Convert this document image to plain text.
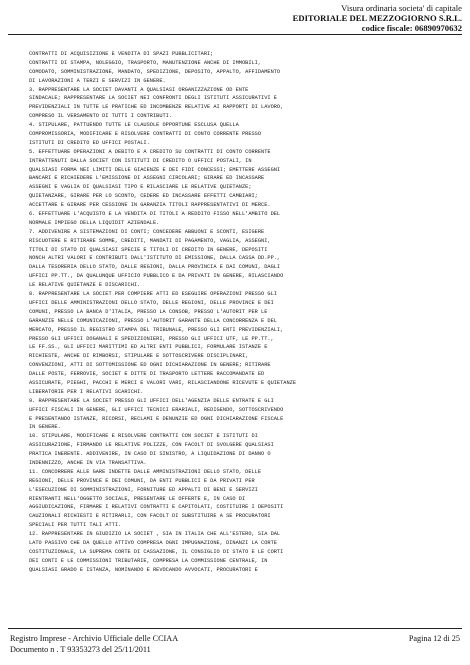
Visura ordinaria societa' di capitale
EDITORIALE DEL MEZZOGIORNO S.R.L.
codice fiscale: 06890970632
CONTRATTI DI ACQUISIZIONE E VENDITA DI SPAZI PUBBLICITARI;
CONTRATTI DI STAMPA, NOLEGGIO, TRASPORTO, MANUTENZIONE ANCHE DI IMMOBILI,
COMODATO, SOMMINISTRAZIONE, MANDATO, SPEDIZIONE, DEPOSITO, APPALTO, AFFIDAMENTO
DI LAVORAZIONI A TERZI E SERVIZI IN GENERE.
3. RAPPRESENTARE LA SOCIET DAVANTI A QUALSIASI ORGANIZZAZIONE OD ENTE
SINDACALE; RAPPRESENTARE LA SOCIET NEI CONFRONTI DEGLI ISTITUTI ASSICURATIVI E
PREVIDENZIALI IN TUTTE LE PRATICHE ED INCOMBENZE RELATIVE AI RAPPORTI DI LAVORO,
COMPRESO IL VERSAMENTO DI TUTTI I CONTRIBUTI.
4. STIPULARE, PATTUENDO TUTTE LE CLAUSOLE OPPORTUNE ESCLUSA QUELLA
COMPROMISSORIA, MODIFICARE E RISOLVERE CONTRATTI DI CONTO CORRENTE PRESSO
ISTITUTI DI CREDITO ED UFFICI POSTALI.
5. EFFETTUARE OPERAZIONI A DEBITO E A CREDITO SU CONTRATTI DI CONTO CORRENTE
INTRATTENUTI DALLA SOCIET CON ISTITUTI DI CREDITO O UFFICI POSTALI, IN
QUALSIASI FORMA NEI LIMITI DELLE GIACENZE E DEI FIDI CONCESSI; EMETTERE ASSEGNI
BANCARI E RICHIEDERE L'EMISSIONE DI ASSEGNI CIRCOLARI; GIRARE ED INCASSARE
ASSEGNI E VAGLIA DI QUALSIASI TIPO E RILASCIARE LE RELATIVE QUIETANZE;
QUIETANZARE, GIRARE PER LO SCONTO, CEDERE ED INCASSARE EFFETTI CAMBIARI;
ACCETTARE E GIRARE PER CESSIONE IN GARANZIA TITOLI RAPPRESENTATIVI DI MERCE.
6. EFFETTUARE L'ACQUISTO E LA VENDITA DI TITOLI A REDDITO FISSO NELL'AMBITO DEL
NORMALE IMPIEGO DELLA LIQUIDIT AZIENDALE.
7. ADDIVENIRE A SISTEMAZIONI DI CONTI; CONCEDERE ABBUONI E SCONTI, ESIGERE
RISCUOTERE E RITIRARE SOMME, CREDITI, MANDATI DI PAGAMENTO, VAGLIA, ASSEGNI,
TITOLI DI STATO DI QUALSIASI SPECIE E TITOLI DI CREDITO IN GENERE, DEPOSITI
NONCH ALTRI VALORI E CONTRIBUTI DALL'ISTITUTO DI EMISSIONE, DALLA CASSA DD.PP.,
DALLA TESORERIA DELLO STATO, DALLE REGIONI, DALLA PROVINCIA E DAI COMUNI, DAGLI
UFFICI PP.TT., DA QUALUNQUE UFFICIO PUBBLICO E DA PRIVATI IN GENERE, RILASCIANDO
LE RELATIVE QUIETANZE E DISCARICHI.
8. RAPPRESENTARE LA SOCIET PER COMPIERE ATTI ED ESEGUIRE OPERAZIONI PRESSO GLI
UFFICI DELLE AMMINISTRAZIONI DELLO STATO, DELLE REGIONI, DELLE PROVINCE E DEI
COMUNI, PRESSO LA BANCA D'ITALIA, PRESSO LA CONSOB, PRESSO L'AUTORIT PER LE
GARANZIE NELLE COMUNICAZIONI, PRESSO L'AUTORIT GARANTE DELLA CONCORRENZA E DEL
MERCATO, PRESSO IL REGISTRO STAMPA DEL TRIBUNALE, PRESSO GLI ENTI PREVIDENZIALI,
PRESSO GLI UFFICI DOGANALI E SPEDIZIONIERI, PRESSO GLI UFFICI UTF, LE PP.TT.,
LE FF.SS., GLI UFFICI MARITTIMI ED ALTRI ENTI PUBBLICI, FORMULARE ISTANZE E
RICHIESTE, ANCHE DI RIMBORSI, STIPULARE E SOTTOSCRIVERE DISCIPLINARI,
CONVENZIONI, ATTI DI SOTTOMISSIONE ED OGNI DICHIARAZIONE IN GENERE; RITIRARE
DALLE POSTE, FERROVIE, SOCIET E DITTE DI TRASPORTO LETTERE RACCOMANDATE ED
ASSICURATE, PIEGHI, PACCHI E MERCI E VALORI VARI, RILASCIANDONE RICEVUTE E QUIETANZE
LIBERATORIE PER I RELATIVI SCARICHI.
9. RAPPRESENTARE LA SOCIET PRESSO GLI UFFICI DELL'AGENZIA DELLE ENTRATE E GLI
UFFICI FISCALI IN GENERE, GLI UFFICI TECNICI ERARIALI, REDIGENDO, SOTTOSCRIVENDO
E PRESENTANDO ISTANZE, RICORSI, RECLAMI E DENUNZIE ED OGNI DICHIARAZIONE FISCALE
IN GENERE.
10. STIPULARE, MODIFICARE E RISOLVERE CONTRATTI CON SOCIET E ISTITUTI DI
ASSICURAZIONE, FIRMANDO LE RELATIVE POLIZZE, CON FACOLT DI SVOLGERE QUALSIASI
PRATICA INERENTE. ADDIVENIRE, IN CASO DI SINISTRO, A LIQUIDAZIONE DI DANNO O
INDENNIZZO, ANCHE IN VIA TRANSATTIVA.
11. CONCORRERE ALLE GARE INDETTE DALLE AMMINISTRAZIONI DELLO STATO, DELLE
REGIONI, DELLE PROVINCE E DEI COMUNI, DA ENTI PUBBLICI E DA PRIVATI PER
L'ESECUZIONE DI SOMMINISTRAZIONI, FORNITURE ED APPALTI DI BENI E SERVIZI
RIENTRANTI NELL'OGGETTO SOCIALE, PRESENTARE LE OFFERTE E, IN CASO DI
AGGIUDICAZIONE, FIRMARE I RELATIVI CONTRATTI E CAPITOLATI, COSTITUIRE I DEPOSITI
CAUZIONALI RICHIESTI E RITIRARLI, CON FACOLT DI SUBSTITUIRE A SE PROCURATORI
SPECIALI PER TUTTI TALI ATTI.
12. RAPPRESENTARE IN GIUDIZIO LA SOCIET , SIA IN ITALIA CHE ALL'ESTERO, SIA DAL
LATO PASSIVO CHE DA QUELLO ATTIVO COMPRESA OGNI IMPUGNAZIONE, DINANZI LA CORTE
COSTITUZIONALE, LA SUPREMA CORTE DI CASSAZIONE, IL CONSIGLIO DI STATO E LE CORTI
DEI CONTI E LE COMMISSIONI TRIBUTARIE, COMPRESA LA COMMISSIONE CENTRALE, IN
QUALSIASI GRADO E ISTANZA, NOMINANDO E REVOCANDO AVVOCATI, PROCURATORI E
Registro Imprese - Archivio Ufficiale delle CCIAA
Documento n . T 93353273 del 25/11/2011
Pagina 12 di 25
